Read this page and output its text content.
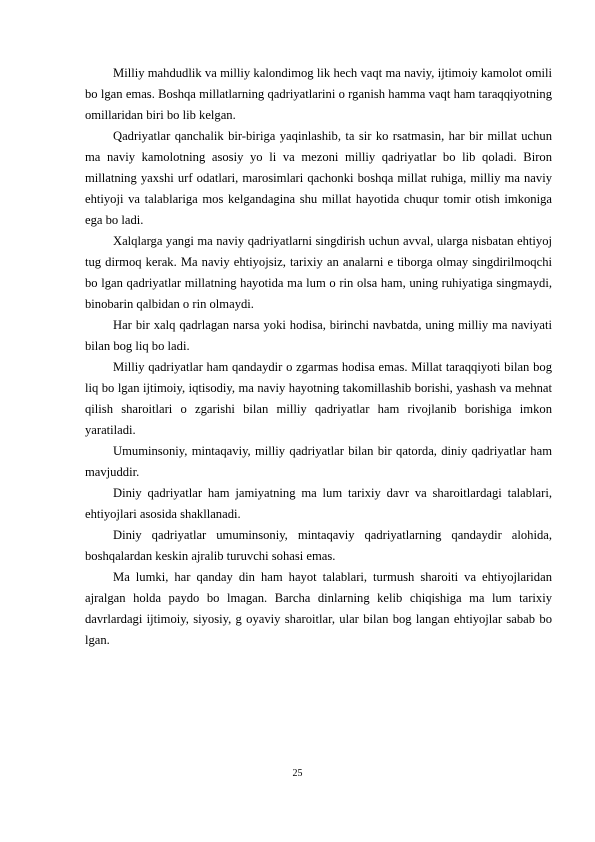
Milliy mahdudlik va milliy kalondimog lik hech vaqt ma naviy, ijtimoiy kamolot omili bo lgan emas. Boshqa millatlarning qadriyatlarini o rganish hamma vaqt ham taraqqiyotning omillaridan biri bo lib kelgan.

Qadriyatlar qanchalik bir-biriga yaqinlashib, ta sir ko rsatmasin, har bir millat uchun ma naviy kamolotning asosiy yo li va mezoni milliy qadriyatlar bo lib qoladi. Biron millatning yaxshi urf odatlari, marosimlari qachonki boshqa millat ruhiga, milliy ma naviy ehtiyoji va talablariga mos kelgandagina shu millat hayotida chuqur tomir otish imkoniga ega bo ladi.

Xalqlarga yangi ma naviy qadriyatlarni singdirish uchun avval, ularga nisbatan ehtiyoj tug dirmoq kerak. Ma naviy ehtiyojsiz, tarixiy an analarni e tiborga olmay singdirilmoqchi bo lgan qadriyatlar millatning hayotida ma lum o rin olsa ham, uning ruhiyatiga singmaydi, binobarin qalbidan o rin olmaydi.

Har bir xalq qadrlagan narsa yoki hodisa, birinchi navbatda, uning milliy ma naviyati bilan bog liq bo ladi.

Milliy qadriyatlar ham qandaydir o zgarmas hodisa emas. Millat taraqqiyoti bilan bog liq bo lgan ijtimoiy, iqtisodiy, ma naviy hayotning takomillashib borishi, yashash va mehnat qilish sharoitlari o zgarishi bilan milliy qadriyatlar ham rivojlanib borishiga imkon yaratiladi.

Umuminsoniy, mintaqaviy, milliy qadriyatlar bilan bir qatorda, diniy qadriyatlar ham mavjuddir.

Diniy qadriyatlar ham jamiyatning ma lum tarixiy davr va sharoitlardagi talablari, ehtiyojlari asosida shakllanadi.

Diniy qadriyatlar umuminsoniy, mintaqaviy qadriyatlarning qandaydir alohida, boshqalardan keskin ajralib turuvchi sohasi emas.

Ma lumki, har qanday din ham hayot talablari, turmush sharoiti va ehtiyojlaridan ajralgan holda paydo bo lmagan. Barcha dinlarning kelib chiqishiga ma lum tarixiy davrlardagi ijtimoiy, siyosiy, g oyaviy sharoitlar, ular bilan bog langan ehtiyojlar sabab bo lgan.

25
